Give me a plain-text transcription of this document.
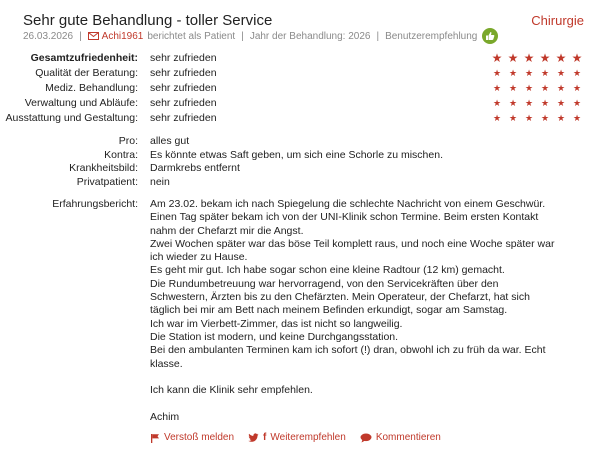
Sehr gute Behandlung - toller Service	Chirurgie
26.03.2026 | Achi1961 berichtet als Patient | Jahr der Behandlung: 2026 | Benutzerempfehlung
Gesamtzufriedenheit: sehr zufrieden	★ ★ ★ ★ ★ ★
Qualität der Beratung: sehr zufrieden	★ ★ ★ ★ ★ ★
Mediz. Behandlung: sehr zufrieden	★ ★ ★ ★ ★ ★
Verwaltung und Abläufe: sehr zufrieden	★ ★ ★ ★ ★ ★
Ausstattung und Gestaltung: sehr zufrieden	★ ★ ★ ★ ★ ★
Pro: alles gut
Kontra: Es könnte etwas Saft geben, um sich eine Schorle zu mischen.
Krankheitsbild: Darmkrebs entfernt
Privatpatient: nein
Erfahrungsbericht: Am 23.02. bekam ich nach Spiegelung die schlechte Nachricht von einem Geschwür.

Einen Tag später bekam ich von der UNI-Klinik schon Termine. Beim ersten Kontakt

nahm der Chefarzt mir die Angst.

Zwei Wochen später war das böse Teil komplett raus, und noch eine Woche später war

ich wieder zu Hause.

Es geht mir gut. Ich habe sogar schon eine kleine Radtour (12 km) gemacht.

Die Rundumbetreuung war hervorragend, von den Servicekräften über den

Schwestern, Ärzten bis zu den Chefärzten. Mein Operateur, der Chefarzt, hat sich

täglich bei mir am Bett nach meinem Befinden erkundigt, sogar am Samstag.

Ich war im Vierbett-Zimmer, das ist nicht so langweilig.

Die Station ist modern, und keine Durchgangsstation.

Bei den ambulanten Terminen kam ich sofort (!) dran, obwohl ich zu früh da war. Echt

klasse.

Ich kann die Klinik sehr empfehlen.

Achim

Verstoß melden	f Weiterempfehlen	Kommentieren
